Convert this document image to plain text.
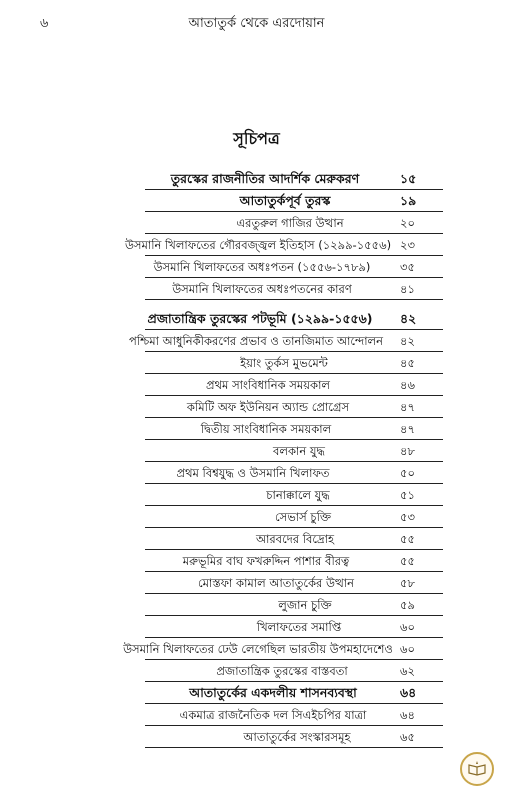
৬	আতাতুর্ক থেকে এরদোয়ান
সূচিপত্র
তুরস্কের রাজনীতির আদর্শিক মেরুকরণ	১৫
আতাতুর্কপূর্ব তুরস্ক	১৯
এরতুরুল গাজির উত্থান	২০
উসমানি খিলাফতের গৌরবজ্জ্বল ইতিহাস (১২৯৯-১৫৫৬) ২৩
উসমানি খিলাফতের অধঃপতন (১৫৫৬-১৭৮৯)	৩৫
উসমানি খিলাফতের অধঃপতনের কারণ	৪১
প্রজাতান্ত্রিক তুরস্কের পটভূমি (১২৯৯-১৫৫৬) ৪২
পশ্চিমা আধুনিকীকরণের প্রভাব ও তানজিমাত আন্দোলন ৪২
ইয়াং তুর্কস মুভমেন্ট	৪৫
প্রথম সাংবিধানিক সময়কাল	৪৬
কমিটি অফ ইউনিয়ন অ্যান্ড প্রোগ্রেস	৪৭
দ্বিতীয় সাংবিধানিক সময়কাল	৪৭
বলকান যুদ্ধ	৪৮
প্রথম বিশ্বযুদ্ধ ও উসমানি খিলাফত	৫০
চানাক্কালে যুদ্ধ	৫১
সেভার্স চুক্তি	৫৩
আরবদের বিদ্রোহ	৫৫
মরুভূমির বাঘ ফখরুদ্দিন পাশার বীরত্ব	৫৫
মোস্তফা কামাল আতাতুর্কের উত্থান	৫৮
লুজান চুক্তি	৫৯
খিলাফতের সমাপ্তি	৬০
উসমানি খিলাফতের ঢেউ লেগেছিল ভারতীয় উপমহাদেশেও ৬০
প্রজাতান্ত্রিক তুরস্কের বাস্তবতা	৬২
আতাতুর্কের একদলীয় শাসনব্যবস্থা	৬৪
একমাত্র রাজনৈতিক দল সিএইচপির যাত্রা	৬৪
আতাতুর্কের সংস্কারসমূহ	৬৫
